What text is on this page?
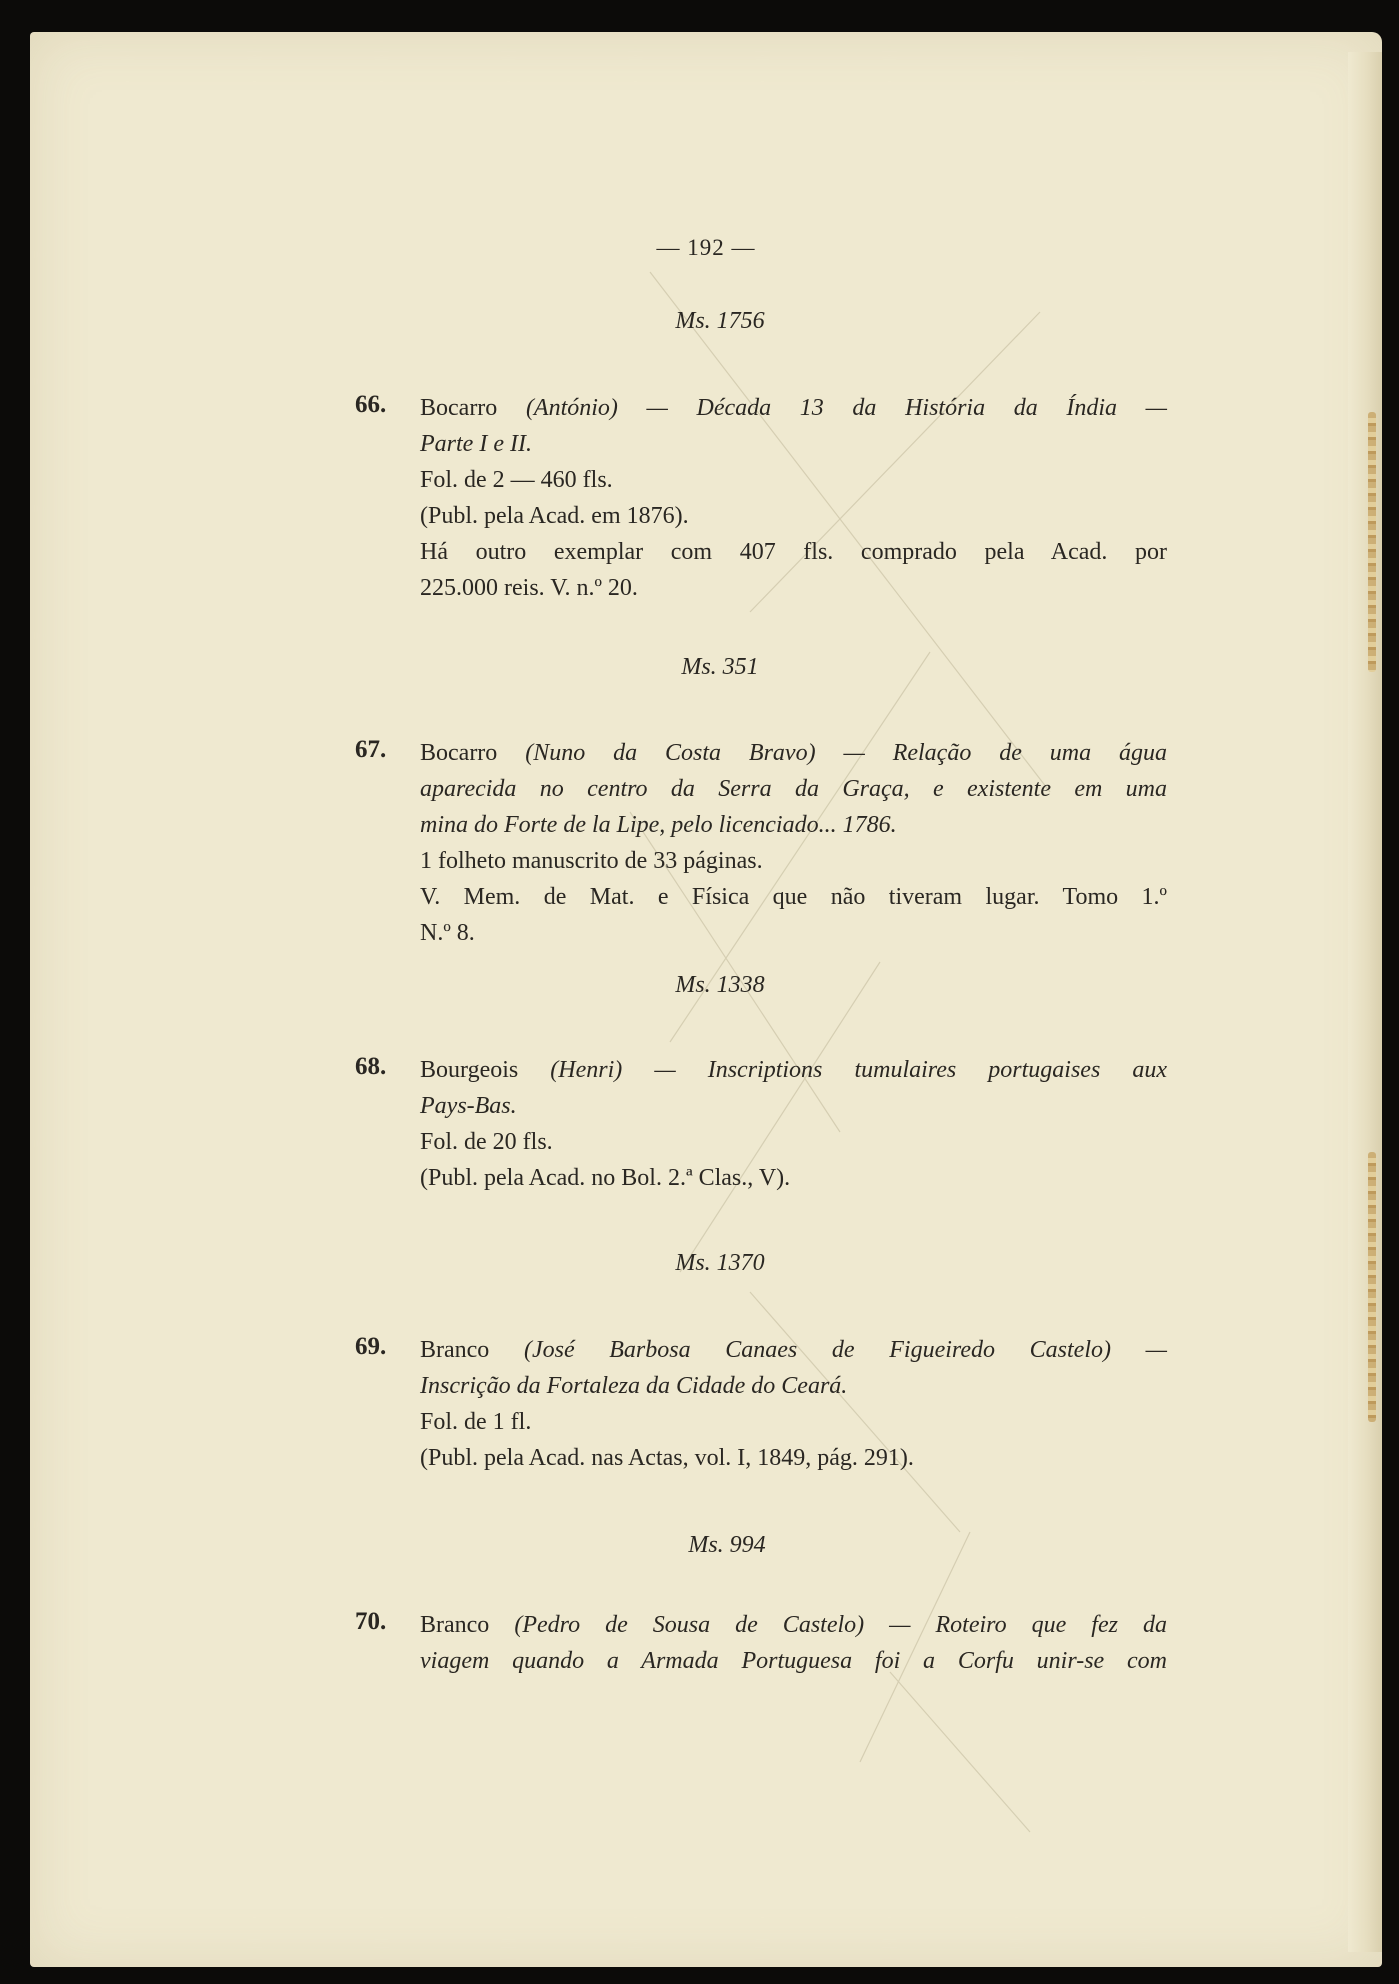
— 192 —
Ms. 1756
66.	Bocarro (António) — Década 13 da História da Índia —
Parte I e II.
Fol. de 2 — 460 fls.
(Publ. pela Acad. em 1876).
Há outro exemplar com 407 fls. comprado pela Acad. por
225.000 reis. V. n.º 20.
Ms. 351
67.	Bocarro (Nuno da Costa Bravo) — Relação de uma água
aparecida no centro da Serra da Graça, e existente em uma
mina do Forte de la Lipe, pelo licenciado... 1786.
1 folheto manuscrito de 33 páginas.
V. Mem. de Mat. e Física que não tiveram lugar. Tomo 1.º
N.º 8.
Ms. 1338
68.	Bourgeois (Henri) — Inscriptions tumulaires portugaises aux
Pays-Bas.
Fol. de 20 fls.
(Publ. pela Acad. no Bol. 2.ª Clas., V).
Ms. 1370
69.	Branco (José Barbosa Canaes de Figueiredo Castelo) —
Inscrição da Fortaleza da Cidade do Ceará.
Fol. de 1 fl.
(Publ. pela Acad. nas Actas, vol. I, 1849, pág. 291).
Ms. 994
70.	Branco (Pedro de Sousa de Castelo) — Roteiro que fez da
viagem quando a Armada Portuguesa foi a Corfu unir-se com
